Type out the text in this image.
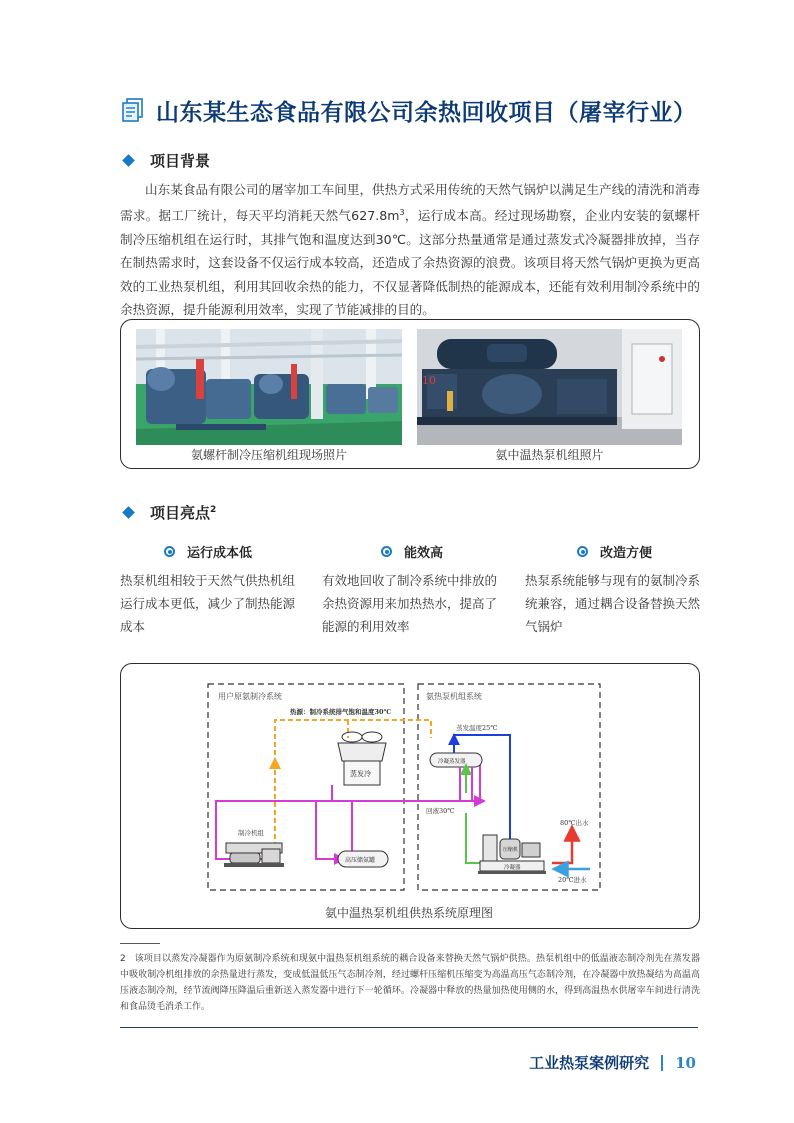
山东某生态食品有限公司余热回收项目（屠宰行业）
项目背景
山东某食品有限公司的屠宰加工车间里，供热方式采用传统的天然气锅炉以满足生产线的清洗和消毒需求。据工厂统计，每天平均消耗天然气$627.8m^3$，运行成本高。经过现场勘察，企业内安装的氨螺杆制冷压缩机组在运行时，其排气饱和温度达到30℃。这部分热量通常是通过蒸发式冷凝器排放掉，当存在制热需求时，这套设备不仅运行成本较高，还造成了余热资源的浪费。该项目将天然气锅炉更换为更高效的工业热泵机组，利用其回收余热的能力，不仅显著降低制热的能源成本，还能有效利用制冷系统中的余热资源，提升能源利用效率，实现了节能减排的目的。
10
氨螺杆制冷压缩机组现场照片	氨中温热泵机组照片
项目亮点$^2$
运行成本低	能效高	改造方便
热泵机组相较于天然气供热机组运行成本更低，减少了制热能源成本
有效地回收了制冷系统中排放的余热资源用来加热热水，提高了能源的利用效率
热泵系统能够与现有的氨制冷系统兼容，通过耦合设备替换天然气锅炉
用户原氨制冷系统	氨热泵机组系统
热源：制冷系统排气饱和温度30℃
蒸发冷
制冷机组
高压储氨罐
蒸发温度25℃
冷凝蒸发器
回液30℃
压缩机
冷凝器
80℃出水
20℃进水
氨中温热泵机组供热系统原理图
2 该项目以蒸发冷凝器作为原氨制冷系统和现氨中温热泵机组系统的耦合设备来替换天然气锅炉供热。热泵机组中的低温液态制冷剂先在蒸发器中吸收制冷机组排放的余热量进行蒸发，变成低温低压气态制冷剂，经过螺杆压缩机压缩变为高温高压气态制冷剂，在冷凝器中放热凝结为高温高压液态制冷剂，经节流阀降压降温后重新送入蒸发器中进行下一轮循环。冷凝器中释放的热量加热使用侧的水，得到高温热水供屠宰车间进行清洗和食品烫毛消杀工作。
工业热泵案例研究 10
